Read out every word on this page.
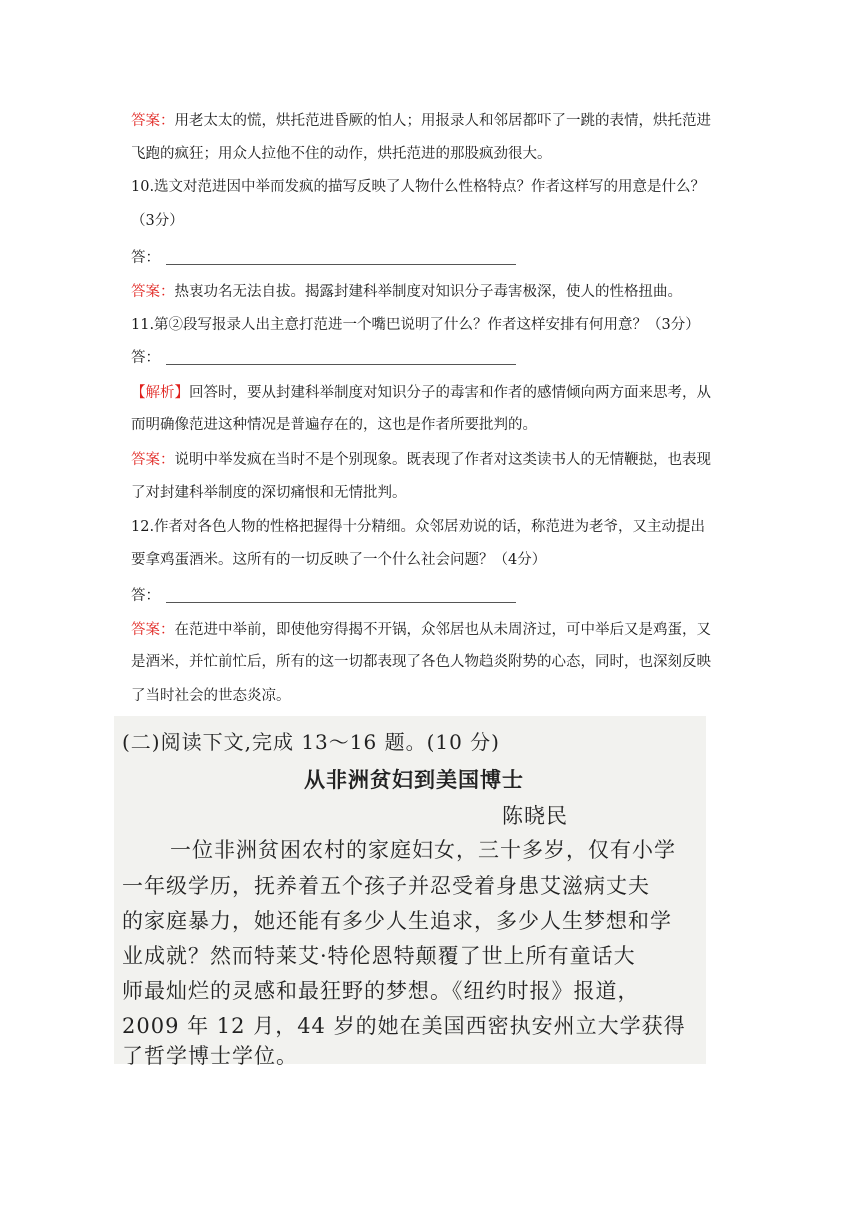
答案：用老太太的慌，烘托范进昏厥的怕人；用报录人和邻居都吓了一跳的表情，烘托范进
飞跑的疯狂；用众人拉他不住的动作，烘托范进的那股疯劲很大。
10.选文对范进因中举而发疯的描写反映了人物什么性格特点？作者这样写的用意是什么？
（3分）
答：
答案：热衷功名无法自拔。揭露封建科举制度对知识分子毒害极深，使人的性格扭曲。
11.第②段写报录人出主意打范进一个嘴巴说明了什么？作者这样安排有何用意？（3分）
答：
【解析】回答时，要从封建科举制度对知识分子的毒害和作者的感情倾向两方面来思考，从
而明确像范进这种情况是普遍存在的，这也是作者所要批判的。
答案：说明中举发疯在当时不是个别现象。既表现了作者对这类读书人的无情鞭挞，也表现
了对封建科举制度的深切痛恨和无情批判。
12.作者对各色人物的性格把握得十分精细。众邻居劝说的话，称范进为老爷，又主动提出
要拿鸡蛋酒米。这所有的一切反映了一个什么社会问题？（4分）
答：
答案：在范进中举前，即使他穷得揭不开锅，众邻居也从未周济过，可中举后又是鸡蛋，又
是酒米，并忙前忙后，所有的这一切都表现了各色人物趋炎附势的心态，同时，也深刻反映
了当时社会的世态炎凉。
(二)阅读下文,完成 13～16 题。(10 分)
从非洲贫妇到美国博士
陈晓民
一位非洲贫困农村的家庭妇女，三十多岁，仅有小学
一年级学历，抚养着五个孩子并忍受着身患艾滋病丈夫
的家庭暴力，她还能有多少人生追求，多少人生梦想和学
业成就？然而特莱艾·特伦恩特颠覆了世上所有童话大
师最灿烂的灵感和最狂野的梦想。《纽约时报》报道，
2009 年 12 月，44 岁的她在美国西密执安州立大学获得
了哲学博士学位。
